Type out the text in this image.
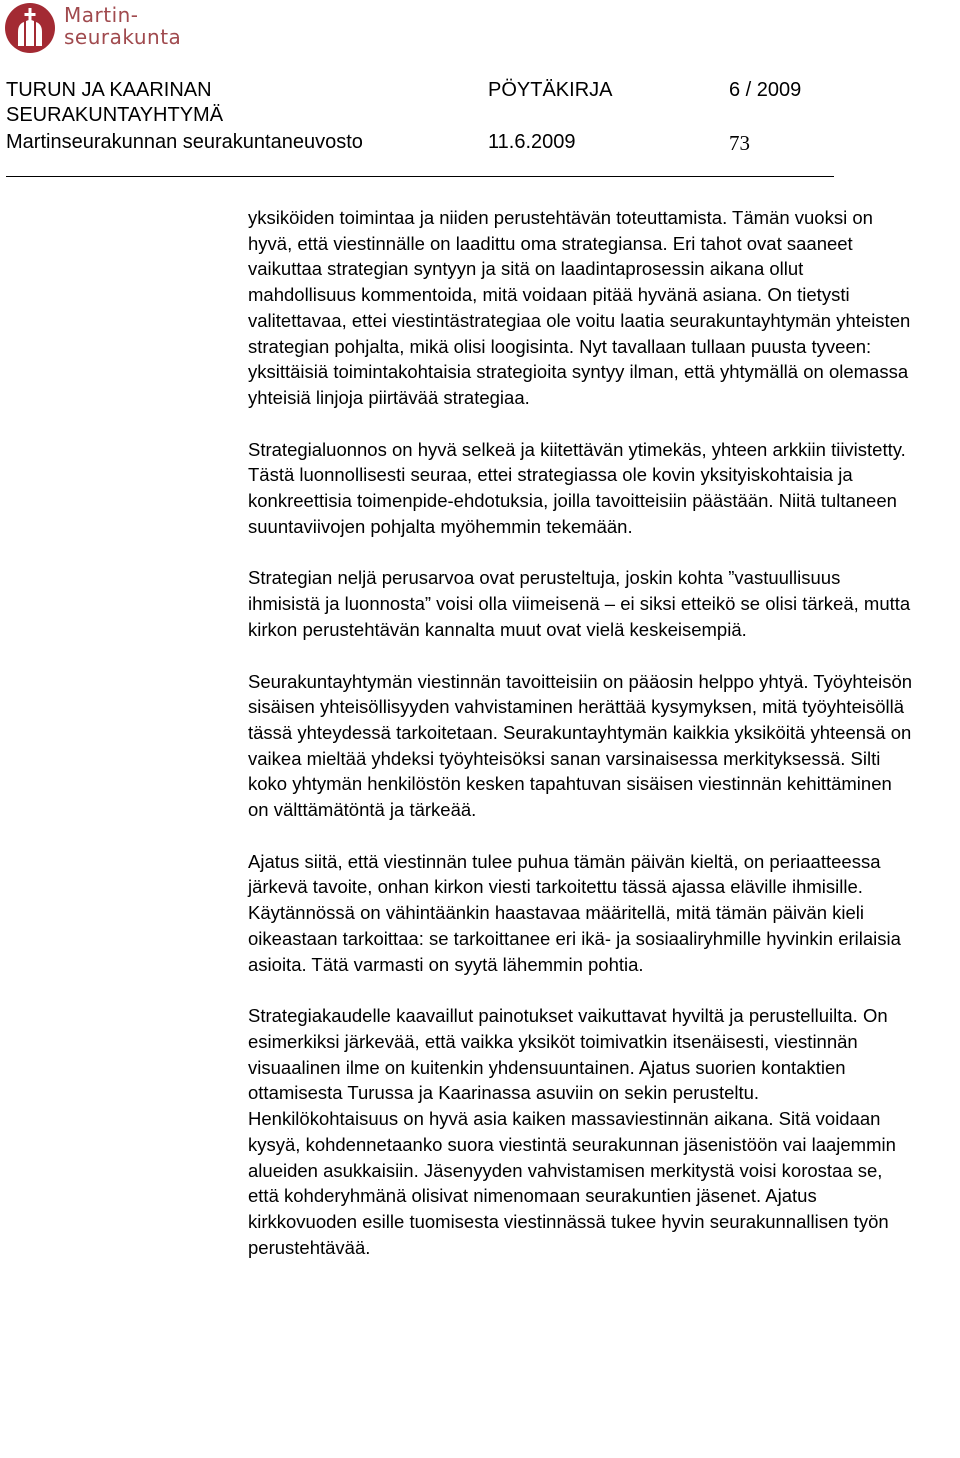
Martin-
seurakunta
TURUN JA KAARINAN
SEURAKUNTAYHTYMÄ
Martinseurakunnan seurakuntaneuvosto
PÖYTÄKIRJA	6 / 2009
11.6.2009	73

yksiköiden toimintaa ja niiden perustehtävän toteuttamista. Tämän vuoksi on hyvä, että viestinnälle on laadittu oma strategiansa. Eri tahot ovat saaneet vaikuttaa strategian syntyyn ja sitä on laadintaprosessin aikana ollut mahdollisuus kommentoida, mitä voidaan pitää hyvänä asiana. On tietysti valitettavaa, ettei viestintästrategiaa ole voitu laatia seurakuntayhtymän yhteisten strategian pohjalta, mikä olisi loogisinta. Nyt tavallaan tullaan puusta tyveen: yksittäisiä toimintakohtaisia strategioita syntyy ilman, että yhtymällä on olemassa yhteisiä linjoja piirtävää strategiaa.

Strategialuonnos on hyvä selkeä ja kiitettävän ytimekäs, yhteen arkkiin tiivistetty. Tästä luonnollisesti seuraa, ettei strategiassa ole kovin yksityiskohtaisia ja konkreettisia toimenpide-ehdotuksia, joilla tavoitteisiin päästään. Niitä tultaneen suuntaviivojen pohjalta myöhemmin tekemään.

Strategian neljä perusarvoa ovat perusteltuja, joskin kohta ”vastuullisuus ihmisistä ja luonnosta” voisi olla viimeisenä – ei siksi etteikö se olisi tärkeä, mutta kirkon perustehtävän kannalta muut ovat vielä keskeisempiä.

Seurakuntayhtymän viestinnän tavoitteisiin on pääosin helppo yhtyä. Työyhteisön sisäisen yhteisöllisyyden vahvistaminen herättää kysymyksen, mitä työyhteisöllä tässä yhteydessä tarkoitetaan. Seurakuntayhtymän kaikkia yksiköitä yhteensä on vaikea mieltää yhdeksi työyhteisöksi sanan varsinaisessa merkityksessä. Silti koko yhtymän henkilöstön kesken tapahtuvan sisäisen viestinnän kehittäminen on välttämätöntä ja tärkeää.

Ajatus siitä, että viestinnän tulee puhua tämän päivän kieltä, on periaatteessa järkevä tavoite, onhan kirkon viesti tarkoitettu tässä ajassa eläville ihmisille. Käytännössä on vähintäänkin haastavaa määritellä, mitä tämän päivän kieli oikeastaan tarkoittaa: se tarkoittanee eri ikä- ja sosiaaliryhmille hyvinkin erilaisia asioita. Tätä varmasti on syytä lähemmin pohtia.

Strategiakaudelle kaavaillut painotukset vaikuttavat hyviltä ja perustelluilta. On esimerkiksi järkevää, että vaikka yksiköt toimivatkin itsenäisesti, viestinnän visuaalinen ilme on kuitenkin yhdensuuntainen. Ajatus suorien kontaktien ottamisesta Turussa ja Kaarinassa asuviin on sekin perusteltu. Henkilökohtaisuus on hyvä asia kaiken massaviestinnän aikana. Sitä voidaan kysyä, kohdennetaanko suora viestintä seurakunnan jäsenistöön vai laajemmin alueiden asukkaisiin. Jäsenyyden vahvistamisen merkitystä voisi korostaa se, että kohderyhmänä olisivat nimenomaan seurakuntien jäsenet. Ajatus kirkkovuoden esille tuomisesta viestinnässä tukee hyvin seurakunnallisen työn perustehtävää.
